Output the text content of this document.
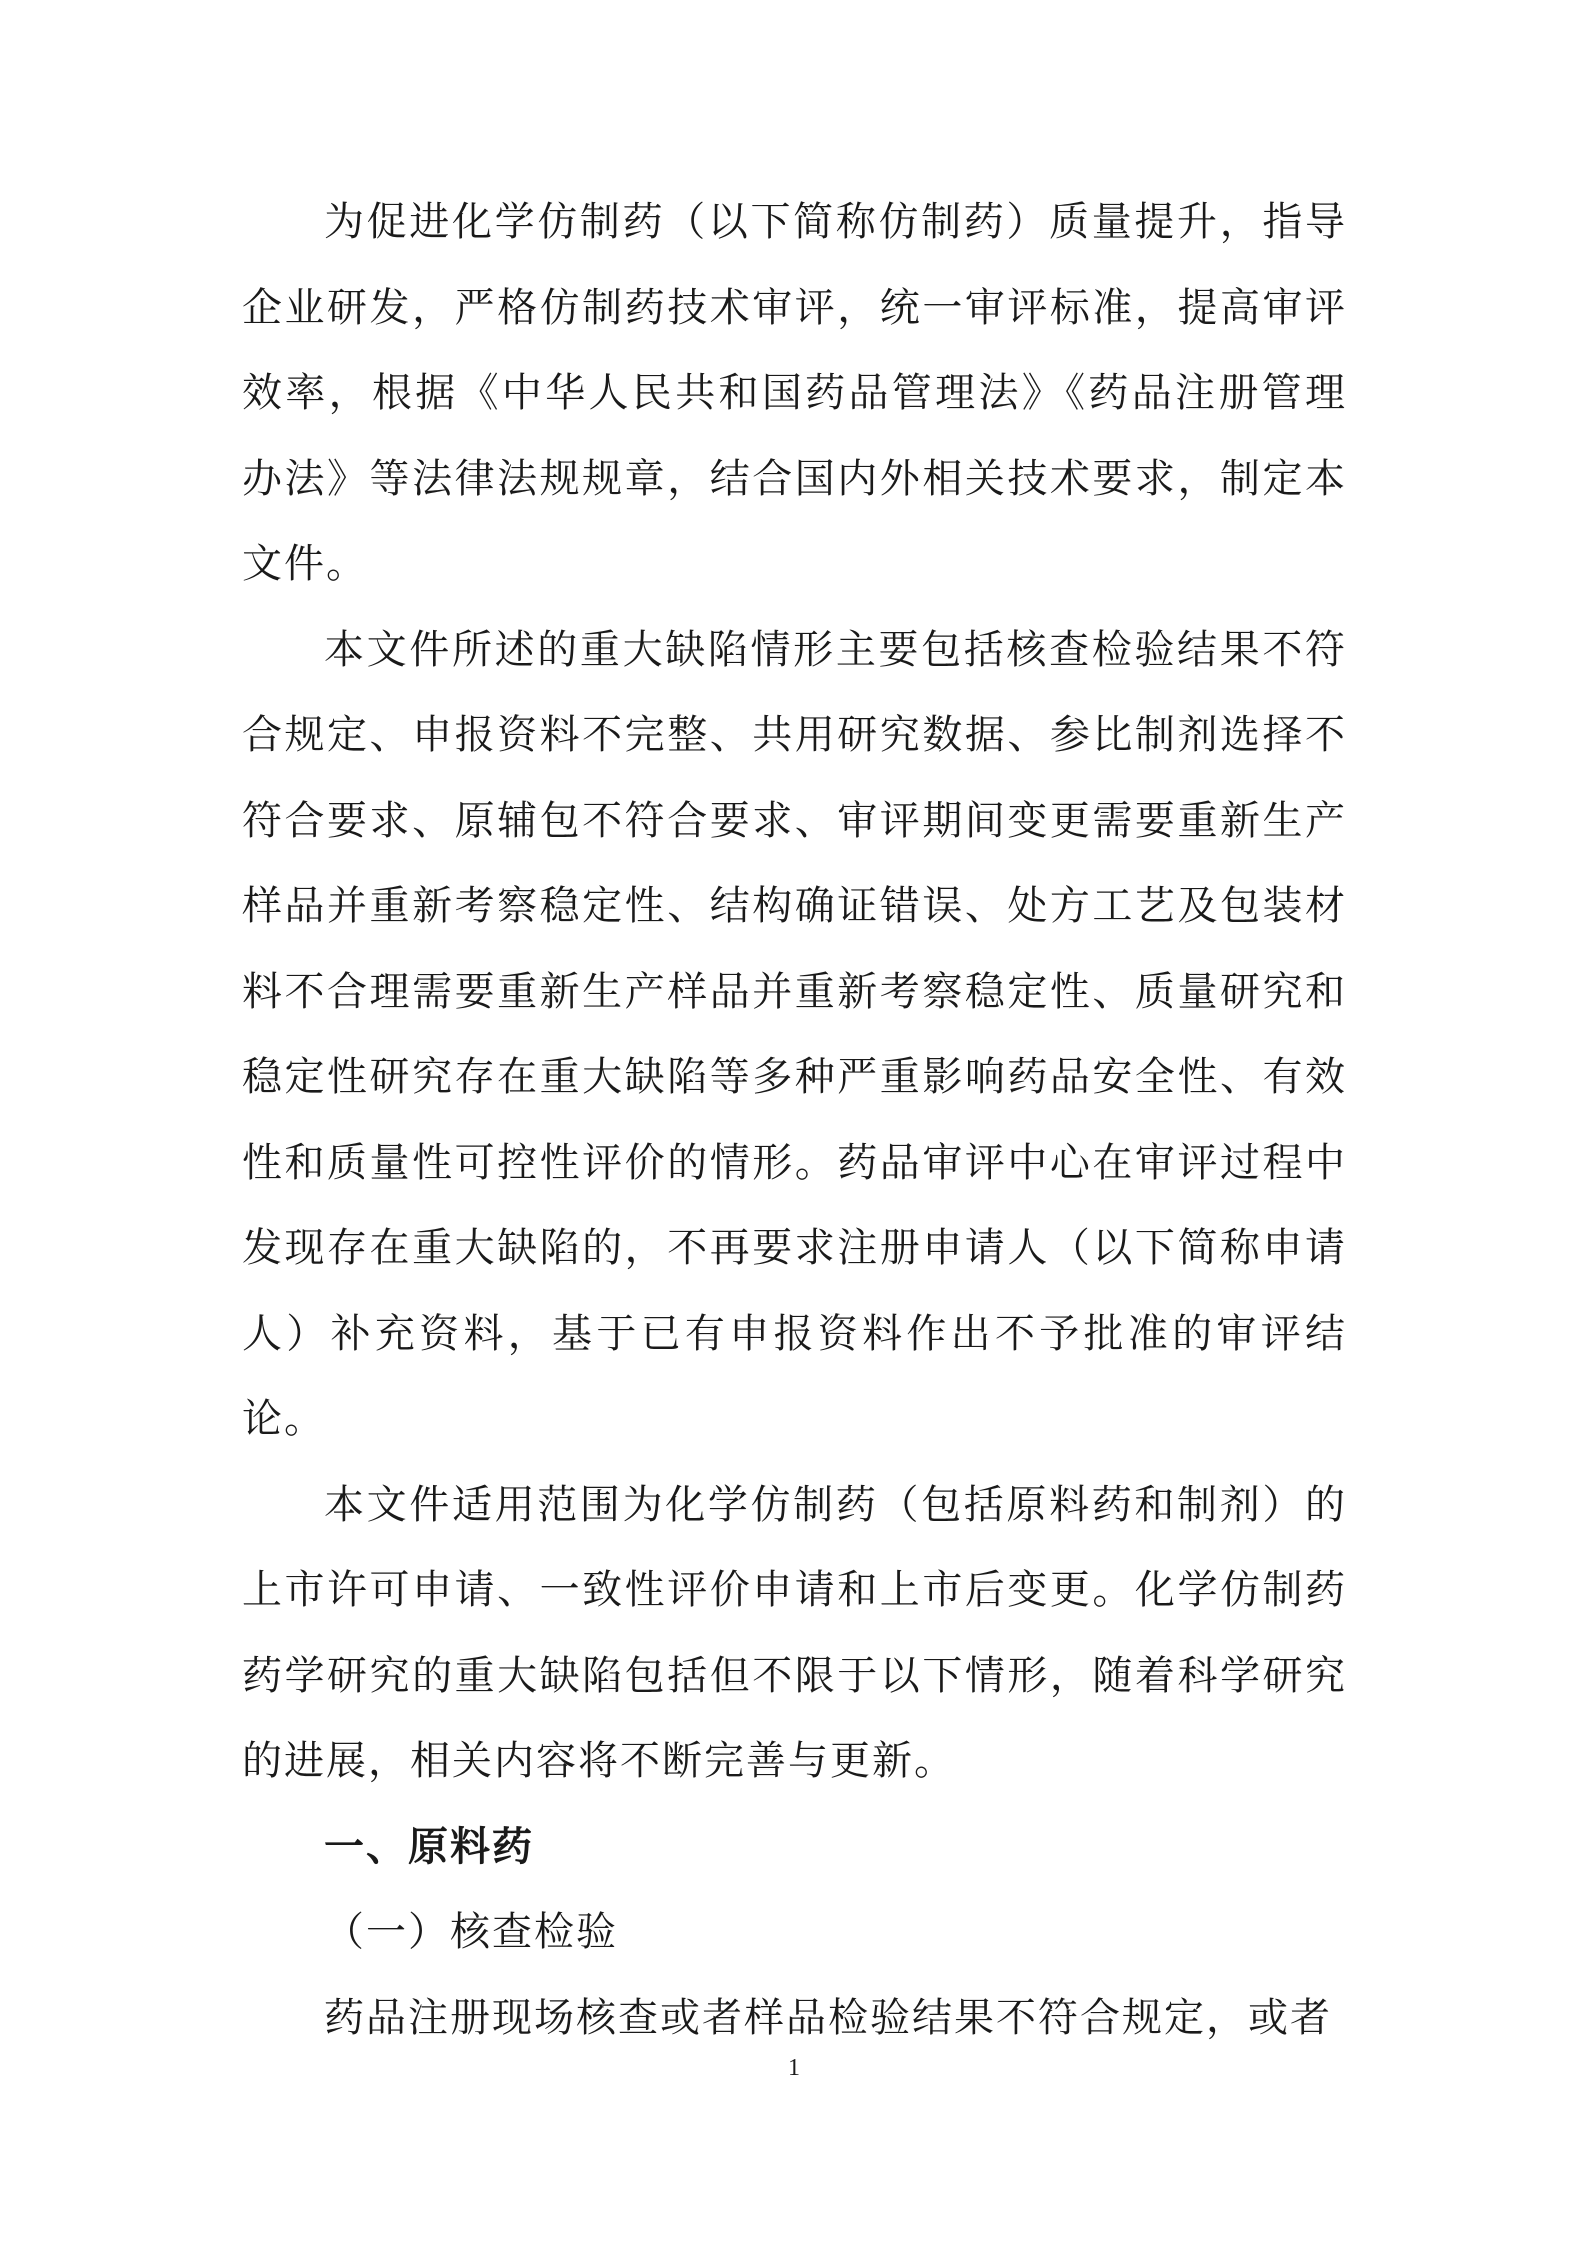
为促进化学仿制药（以下简称仿制药）质量提升，指导企业研发，严格仿制药技术审评，统一审评标准，提高审评效率，根据《中华人民共和国药品管理法》《药品注册管理办法》等法律法规规章，结合国内外相关技术要求，制定本文件。

本文件所述的重大缺陷情形主要包括核查检验结果不符合规定、申报资料不完整、共用研究数据、参比制剂选择不符合要求、原辅包不符合要求、审评期间变更需要重新生产样品并重新考察稳定性、结构确证错误、处方工艺及包装材料不合理需要重新生产样品并重新考察稳定性、质量研究和稳定性研究存在重大缺陷等多种严重影响药品安全性、有效性和质量性可控性评价的情形。药品审评中心在审评过程中发现存在重大缺陷的，不再要求注册申请人（以下简称申请人）补充资料，基于已有申报资料作出不予批准的审评结论。

本文件适用范围为化学仿制药（包括原料药和制剂）的上市许可申请、一致性评价申请和上市后变更。化学仿制药药学研究的重大缺陷包括但不限于以下情形，随着科学研究的进展，相关内容将不断完善与更新。

一、原料药
（一）核查检验

药品注册现场核查或者样品检验结果不符合规定，或者

1
